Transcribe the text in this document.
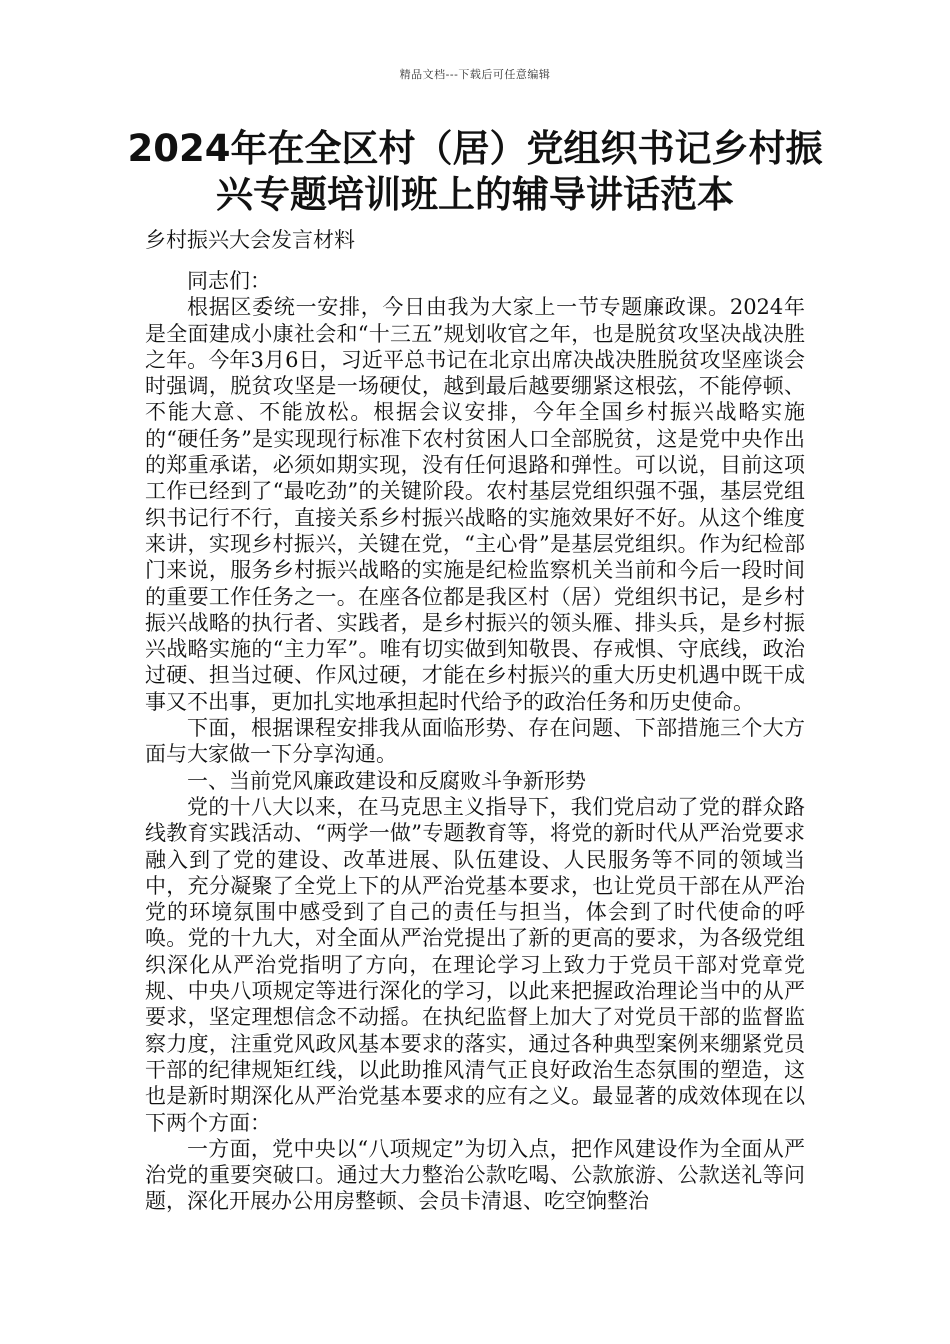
精品文档---下载后可任意编辑
2024年在全区村（居）党组织书记乡村振兴专题培训班上的辅导讲话范本
乡村振兴大会发言材料

同志们：

根据区委统一安排，今日由我为大家上一节专题廉政课。2024年是全面建成小康社会和“十三五”规划收官之年，也是脱贫攻坚决战决胜之年。今年3月6日，习近平总书记在北京出席决战决胜脱贫攻坚座谈会时强调，脱贫攻坚是一场硬仗，越到最后越要绷紧这根弦，不能停顿、不能大意、不能放松。根据会议安排，今年全国乡村振兴战略实施的“硬任务”是实现现行标准下农村贫困人口全部脱贫，这是党中央作出的郑重承诺，必须如期实现，没有任何退路和弹性。可以说，目前这项工作已经到了“最吃劲”的关键阶段。农村基层党组织强不强，基层党组织书记行不行，直接关系乡村振兴战略的实施效果好不好。从这个维度来讲，实现乡村振兴，关键在党，“主心骨”是基层党组织。作为纪检部门来说，服务乡村振兴战略的实施是纪检监察机关当前和今后一段时间的重要工作任务之一。在座各位都是我区村（居）党组织书记，是乡村振兴战略的执行者、实践者，是乡村振兴的领头雁、排头兵，是乡村振兴战略实施的“主力军”。唯有切实做到知敬畏、存戒惧、守底线，政治过硬、担当过硬、作风过硬，才能在乡村振兴的重大历史机遇中既干成事又不出事，更加扎实地承担起时代给予的政治任务和历史使命。

下面，根据课程安排我从面临形势、存在问题、下部措施三个大方面与大家做一下分享沟通。

一、当前党风廉政建设和反腐败斗争新形势

党的十八大以来，在马克思主义指导下，我们党启动了党的群众路线教育实践活动、“两学一做”专题教育等，将党的新时代从严治党要求融入到了党的建设、改革进展、队伍建设、人民服务等不同的领域当中，充分凝聚了全党上下的从严治党基本要求，也让党员干部在从严治党的环境氛围中感受到了自己的责任与担当，体会到了时代使命的呼唤。党的十九大，对全面从严治党提出了新的更高的要求，为各级党组织深化从严治党指明了方向，在理论学习上致力于党员干部对党章党规、中央八项规定等进行深化的学习，以此来把握政治理论当中的从严要求，坚定理想信念不动摇。在执纪监督上加大了对党员干部的监督监察力度，注重党风政风基本要求的落实，通过各种典型案例来绷紧党员干部的纪律规矩红线，以此助推风清气正良好政治生态氛围的塑造，这也是新时期深化从严治党基本要求的应有之义。最显著的成效体现在以下两个方面：

一方面，党中央以“八项规定”为切入点，把作风建设作为全面从严治党的重要突破口。通过大力整治公款吃喝、公款旅游、公款送礼等问题，深化开展办公用房整顿、会员卡清退、吃空饷整治
